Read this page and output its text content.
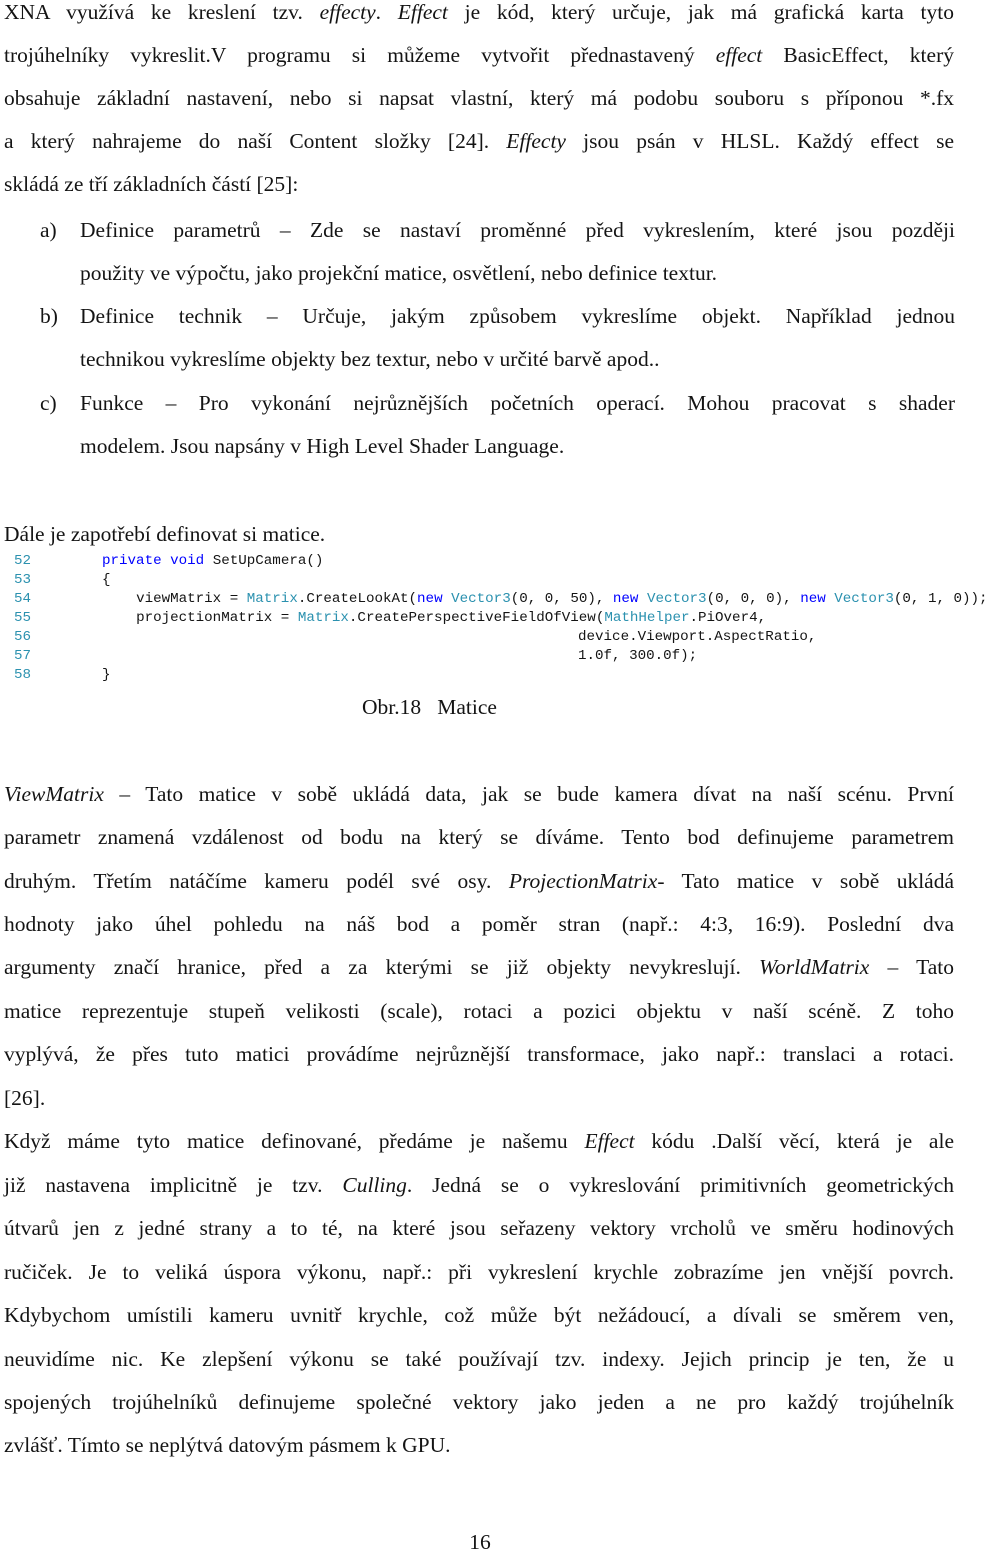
XNA využívá ke kreslení tzv. effecty. Effect je kód, který určuje, jak má grafická karta tyto
trojúhelníky vykreslit.V programu si můžeme vytvořit přednastavený effect BasicEffect, který
obsahuje základní nastavení, nebo si napsat vlastní, který má podobu souboru s příponou *.fx
a který nahrajeme do naší Content složky [24]. Effecty jsou psán v HLSL. Každý effect se
skládá ze tří základních částí [25]:
a) Definice parametrů – Zde se nastaví proměnné před vykreslením, které jsou později
použity ve výpočtu, jako projekční matice, osvětlení, nebo definice textur.
b) Definice technik – Určuje, jakým způsobem vykreslíme objekt. Například jednou
technikou vykreslíme objekty bez textur, nebo v určité barvě apod..
c) Funkce – Pro vykonání nejrůznějších početních operací. Mohou pracovat s shader
modelem. Jsou napsány v High Level Shader Language.
Dále je zapotřebí definovat si matice.
52	private void SetUpCamera()
53	{
54	viewMatrix = Matrix.CreateLookAt(new Vector3(0, 0, 50), new Vector3(0, 0, 0), new Vector3(0, 1, 0));
55	projectionMatrix = Matrix.CreatePerspectiveFieldOfView(MathHelper.PiOver4,
56	device.Viewport.AspectRatio,
57	1.0f, 300.0f);
58	}
Obr.18 Matice
ViewMatrix – Tato matice v sobě ukládá data, jak se bude kamera dívat na naší scénu. První
parametr znamená vzdálenost od bodu na který se díváme. Tento bod definujeme parametrem
druhým. Třetím natáčíme kameru podél své osy. ProjectionMatrix- Tato matice v sobě ukládá
hodnoty jako úhel pohledu na náš bod a poměr stran (např.: 4:3, 16:9). Poslední dva
argumenty značí hranice, před a za kterými se již objekty nevykreslují. WorldMatrix – Tato
matice reprezentuje stupeň velikosti (scale), rotaci a pozici objektu v naší scéně. Z toho
vyplývá, že přes tuto matici provádíme nejrůznější transformace, jako např.: translaci a rotaci.
[26].
Když máme tyto matice definované, předáme je našemu Effect kódu .Další věcí, která je ale
již nastavena implicitně je tzv. Culling. Jedná se o vykreslování primitivních geometrických
útvarů jen z jedné strany a to té, na které jsou seřazeny vektory vrcholů ve směru hodinových
ručiček. Je to veliká úspora výkonu, např.: při vykreslení krychle zobrazíme jen vnější povrch.
Kdybychom umístili kameru uvnitř krychle, což může být nežádoucí, a dívali se směrem ven,
neuvidíme nic. Ke zlepšení výkonu se také používají tzv. indexy. Jejich princip je ten, že u
spojených trojúhelníků definujeme společné vektory jako jeden a ne pro každý trojúhelník
zvlášť. Tímto se neplýtvá datovým pásmem k GPU.
16
